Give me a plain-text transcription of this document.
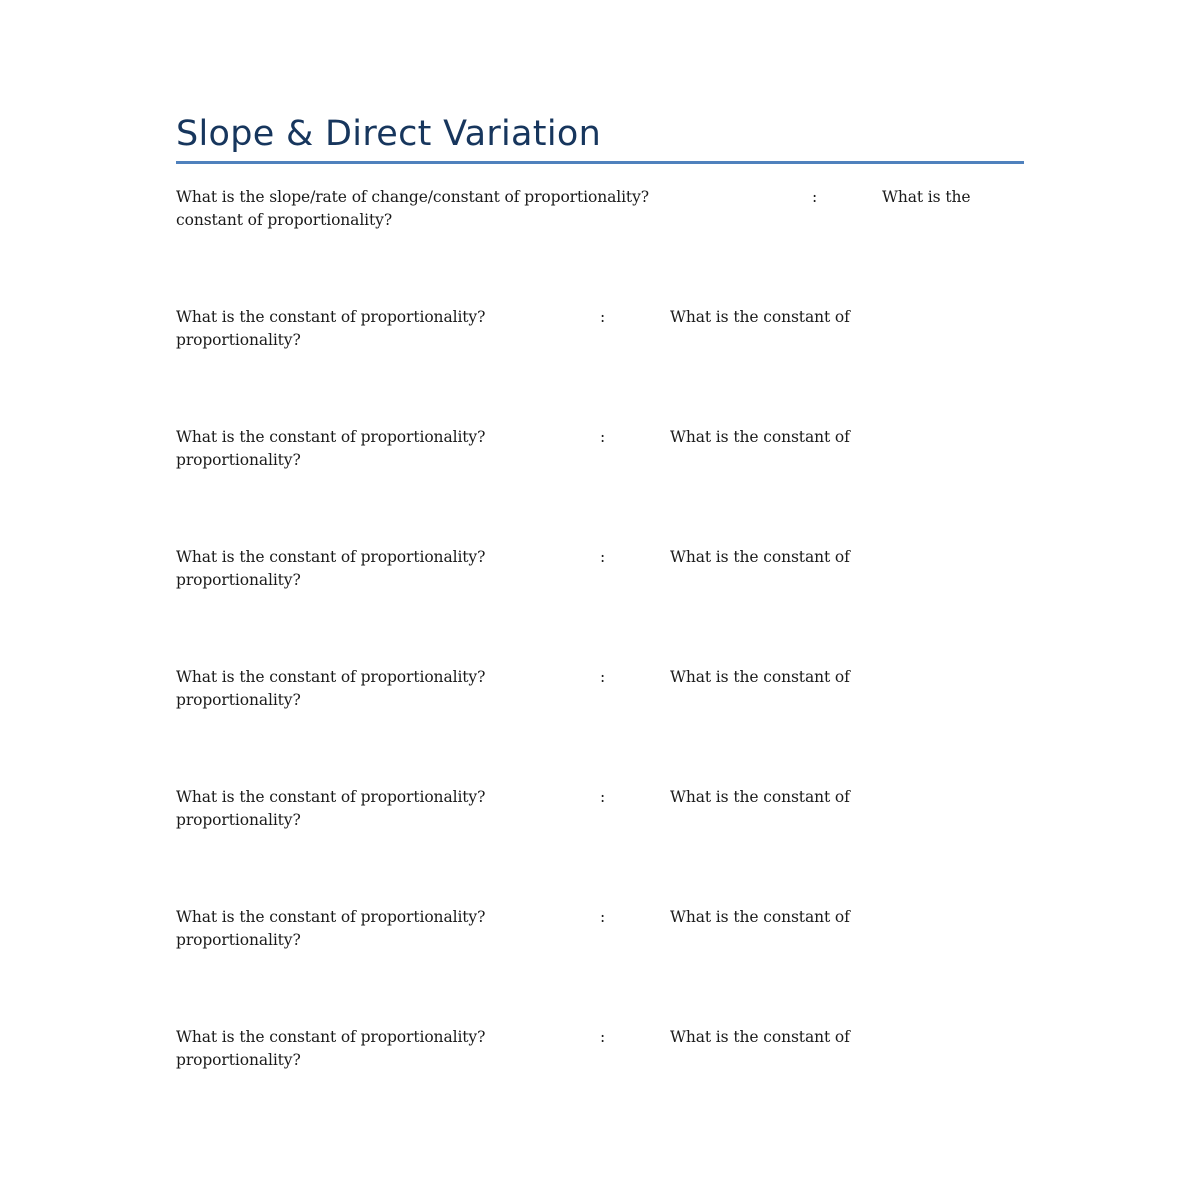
Slope & Direct Variation
What is the slope/rate of change/constant of proportionality?	:	What is the
constant of proportionality?
What is the constant of proportionality?	:	What is the constant of
proportionality?
What is the constant of proportionality?	:	What is the constant of
proportionality?
What is the constant of proportionality?	:	What is the constant of
proportionality?
What is the constant of proportionality?	:	What is the constant of
proportionality?
What is the constant of proportionality?	:	What is the constant of
proportionality?
What is the constant of proportionality?	:	What is the constant of
proportionality?
What is the constant of proportionality?	:	What is the constant of
proportionality?
